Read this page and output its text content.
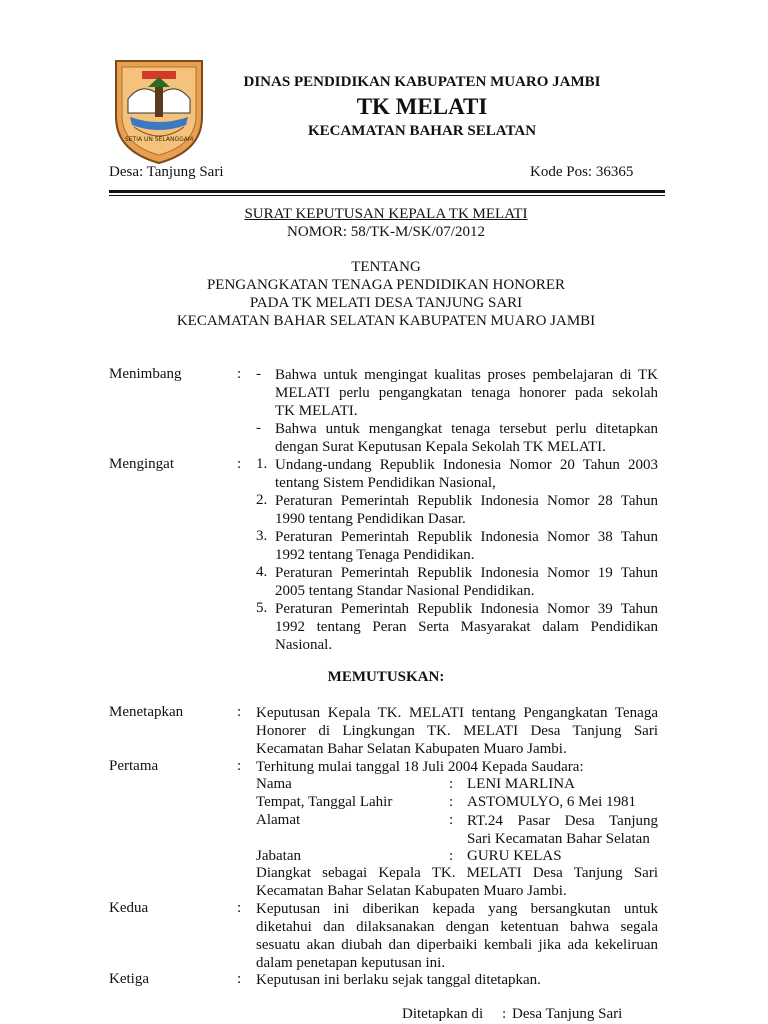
SETIA UN SELANGGAM
DINAS PENDIDIKAN KABUPATEN MUARO JAMBI
TK MELATI
KECAMATAN BAHAR SELATAN
Desa: Tanjung Sari	Kode Pos: 36365
SURAT KEPUTUSAN KEPALA TK MELATI
NOMOR: 58/TK-M/SK/07/2012
TENTANG
PENGANGKATAN TENAGA PENDIDIKAN HONORER
PADA TK MELATI DESA TANJUNG SARI
KECAMATAN BAHAR SELATAN KABUPATEN MUARO JAMBI
Menimbang	: - Bahwa untuk mengingat kualitas proses pembelajaran di TK
MELATI perlu pengangkatan tenaga honorer pada sekolah
TK MELATI.
- Bahwa untuk mengangkat tenaga tersebut perlu ditetapkan
dengan Surat Keputusan Kepala Sekolah TK MELATI.
Mengingat	: 1. Undang-undang Republik Indonesia Nomor 20 Tahun 2003
tentang Sistem Pendidikan Nasional,
2. Peraturan Pemerintah Republik Indonesia Nomor 28 Tahun
1990 tentang Pendidikan Dasar.
3. Peraturan Pemerintah Republik Indonesia Nomor 38 Tahun
1992 tentang Tenaga Pendidikan.
4. Peraturan Pemerintah Republik Indonesia Nomor 19 Tahun
2005 tentang Standar Nasional Pendidikan.
5. Peraturan Pemerintah Republik Indonesia Nomor 39 Tahun
1992 tentang Peran Serta Masyarakat dalam Pendidikan
Nasional.
MEMUTUSKAN:
Menetapkan	: Keputusan Kepala TK. MELATI tentang Pengangkatan Tenaga
Honorer di Lingkungan TK. MELATI Desa Tanjung Sari
Kecamatan Bahar Selatan Kabupaten Muaro Jambi.
Pertama	: Terhitung mulai tanggal 18 Juli 2004 Kepada Saudara:
Nama	: LENI MARLINA
Tempat, Tanggal Lahir	: ASTOMULYO, 6 Mei 1981
Alamat	: RT.24 Pasar Desa Tanjung
Sari Kecamatan Bahar Selatan
Jabatan	: GURU KELAS
Diangkat sebagai Kepala TK. MELATI Desa Tanjung Sari
Kecamatan Bahar Selatan Kabupaten Muaro Jambi.
Kedua	: Keputusan ini diberikan kepada yang bersangkutan untuk
diketahui dan dilaksanakan dengan ketentuan bahwa segala
sesuatu akan diubah dan diperbaiki kembali jika ada kekeliruan
dalam penetapan keputusan ini.
Ketiga	: Keputusan ini berlaku sejak tanggal ditetapkan.
Ditetapkan di : Desa Tanjung Sari
